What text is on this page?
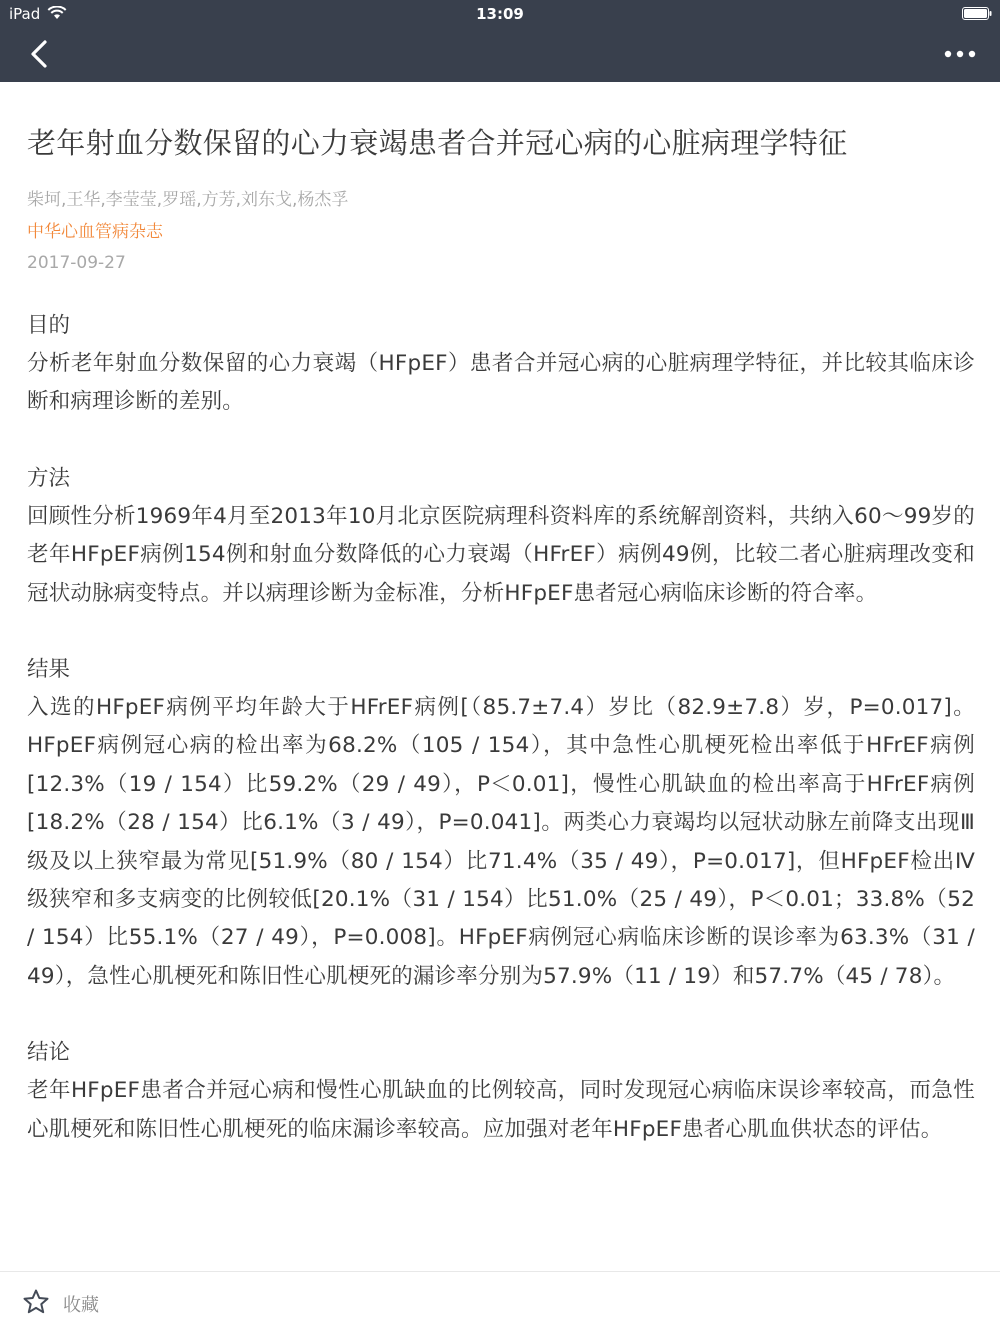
iPad	13:09
老年射血分数保留的心力衰竭患者合并冠心病的心脏病理学特征
柴坷,王华,李莹莹,罗瑶,方芳,刘东戈,杨杰孚
中华心血管病杂志
2017-09-27
目的
分析老年射血分数保留的心力衰竭（HFpEF）患者合并冠心病的心脏病理学特征，并比较其临床诊断和病理诊断的差别。
方法
回顾性分析1969年4月至2013年10月北京医院病理科资料库的系统解剖资料，共纳入60～99岁的老年HFpEF病例154例和射血分数降低的心力衰竭（HFrEF）病例49例，比较二者心脏病理改变和冠状动脉病变特点。并以病理诊断为金标准，分析HFpEF患者冠心病临床诊断的符合率。
结果
入选的HFpEF病例平均年龄大于HFrEF病例[（85.7±7.4）岁比（82.9±7.8）岁，P=0.017]。HFpEF病例冠心病的检出率为68.2%（105 / 154），其中急性心肌梗死检出率低于HFrEF病例[12.3%（19 / 154）比59.2%（29 / 49），P＜0.01]，慢性心肌缺血的检出率高于HFrEF病例[18.2%（28 / 154）比6.1%（3 / 49），P=0.041]。两类心力衰竭均以冠状动脉左前降支出现Ⅲ级及以上狭窄最为常见[51.9%（80 / 154）比71.4%（35 / 49），P=0.017]，但HFpEF检出Ⅳ级狭窄和多支病变的比例较低[20.1%（31 / 154）比51.0%（25 / 49），P＜0.01；33.8%（52 / 154）比55.1%（27 / 49），P=0.008]。HFpEF病例冠心病临床诊断的误诊率为63.3%（31 / 49），急性心肌梗死和陈旧性心肌梗死的漏诊率分别为57.9%（11 / 19）和57.7%（45 / 78）。
结论
老年HFpEF患者合并冠心病和慢性心肌缺血的比例较高，同时发现冠心病临床误诊率较高，而急性心肌梗死和陈旧性心肌梗死的临床漏诊率较高。应加强对老年HFpEF患者心肌血供状态的评估。
收藏
